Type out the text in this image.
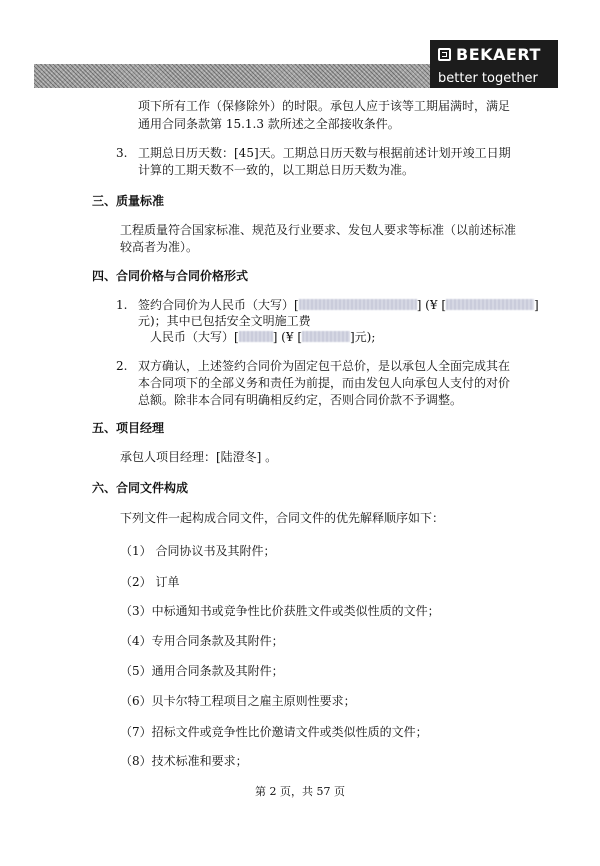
BEKAERT
better together
项下所有工作（保修除外）的时限。承包人应于该等工期届满时，满足
通用合同条款第 15.1.3 款所述之全部接收条件。
3. 工期总日历天数：[45]天。工期总日历天数与根据前述计划开竣工日期
计算的工期天数不一致的，以工期总日历天数为准。
三、质量标准
工程质量符合国家标准、规范及行业要求、发包人要求等标准（以前述标准
较高者为准）。
四、合同价格与合同价格形式
1. 签约合同价为人民币（大写）[	] (¥ [	]
元)；其中已包括安全文明施工费
人民币（大写）[	] (¥ [	]元);
2. 双方确认，上述签约合同价为固定包干总价，是以承包人全面完成其在
本合同项下的全部义务和责任为前提，而由发包人向承包人支付的对价
总额。除非本合同有明确相反约定，否则合同价款不予调整。
五、项目经理
承包人项目经理：[陆澄冬] 。
六、合同文件构成
下列文件一起构成合同文件，合同文件的优先解释顺序如下：
（1） 合同协议书及其附件；
（2） 订单
（3）中标通知书或竞争性比价获胜文件或类似性质的文件；
（4）专用合同条款及其附件；
（5）通用合同条款及其附件；
（6）贝卡尔特工程项目之雇主原则性要求；
（7）招标文件或竞争性比价邀请文件或类似性质的文件；
（8）技术标准和要求；
第 2 页，共 57 页
